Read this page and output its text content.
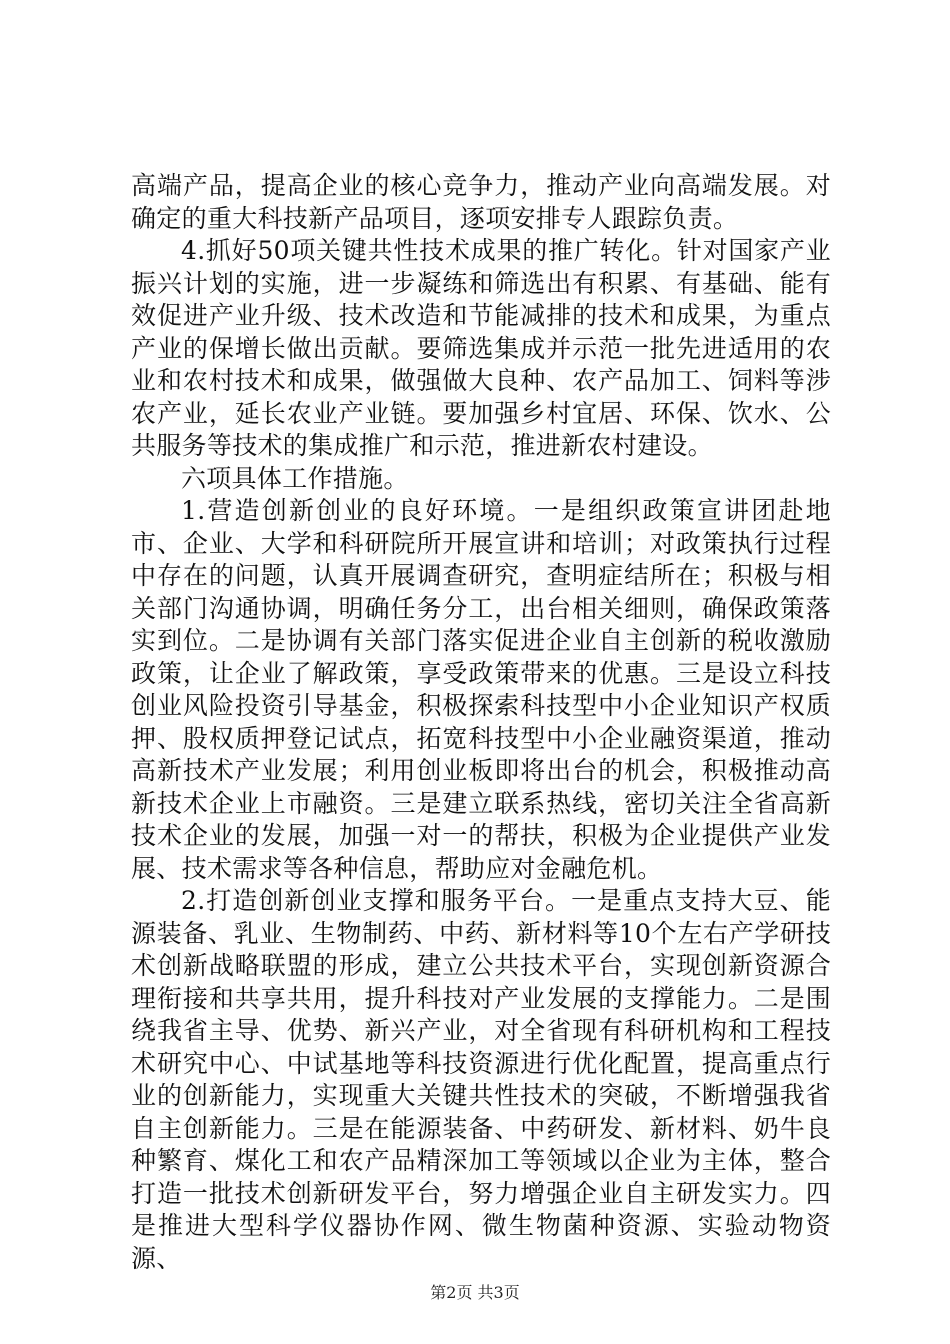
高端产品，提高企业的核心竞争力，推动产业向高端发展。对确定的重大科技新产品项目，逐项安排专人跟踪负责。

4.抓好50项关键共性技术成果的推广转化。针对国家产业振兴计划的实施，进一步凝练和筛选出有积累、有基础、能有效促进产业升级、技术改造和节能减排的技术和成果，为重点产业的保增长做出贡献。要筛选集成并示范一批先进适用的农业和农村技术和成果，做强做大良种、农产品加工、饲料等涉农产业，延长农业产业链。要加强乡村宜居、环保、饮水、公共服务等技术的集成推广和示范，推进新农村建设。

六项具体工作措施。

1.营造创新创业的良好环境。一是组织政策宣讲团赴地市、企业、大学和科研院所开展宣讲和培训；对政策执行过程中存在的问题，认真开展调查研究，查明症结所在；积极与相关部门沟通协调，明确任务分工，出台相关细则，确保政策落实到位。二是协调有关部门落实促进企业自主创新的税收激励政策，让企业了解政策，享受政策带来的优惠。三是设立科技创业风险投资引导基金，积极探索科技型中小企业知识产权质押、股权质押登记试点，拓宽科技型中小企业融资渠道，推动高新技术产业发展；利用创业板即将出台的机会，积极推动高新技术企业上市融资。三是建立联系热线，密切关注全省高新技术企业的发展，加强一对一的帮扶，积极为企业提供产业发展、技术需求等各种信息，帮助应对金融危机。

2.打造创新创业支撑和服务平台。一是重点支持大豆、能源装备、乳业、生物制药、中药、新材料等10个左右产学研技术创新战略联盟的形成，建立公共技术平台，实现创新资源合理衔接和共享共用，提升科技对产业发展的支撑能力。二是围绕我省主导、优势、新兴产业，对全省现有科研机构和工程技术研究中心、中试基地等科技资源进行优化配置，提高重点行业的创新能力，实现重大关键共性技术的突破，不断增强我省自主创新能力。三是在能源装备、中药研发、新材料、奶牛良种繁育、煤化工和农产品精深加工等领域以企业为主体，整合打造一批技术创新研发平台，努力增强企业自主研发实力。四是推进大型科学仪器协作网、微生物菌种资源、实验动物资源、

第2页 共3页
